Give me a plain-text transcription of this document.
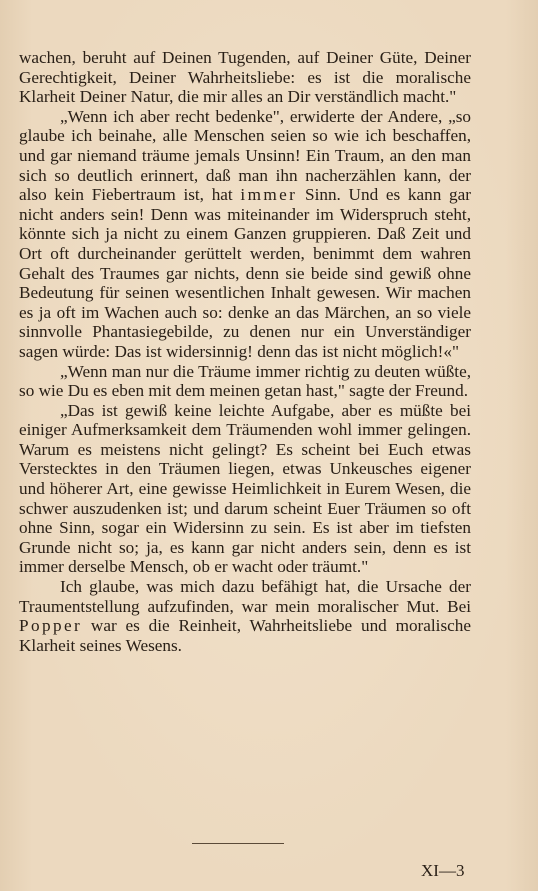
wachen, beruht auf Deinen Tugenden, auf Deiner Güte, Deiner Gerechtigkeit, Deiner Wahrheitsliebe: es ist die moralische Klarheit Deiner Natur, die mir alles an Dir verständlich macht."

„Wenn ich aber recht bedenke", erwiderte der Andere, „so glaube ich beinahe, alle Menschen seien so wie ich beschaffen, und gar niemand träume jemals Unsinn! Ein Traum, an den man sich so deutlich erinnert, daß man ihn nacherzählen kann, der also kein Fiebertraum ist, hat immer Sinn. Und es kann gar nicht anders sein! Denn was miteinander im Widerspruch steht, könnte sich ja nicht zu einem Ganzen gruppieren. Daß Zeit und Ort oft durcheinander gerüttelt werden, benimmt dem wahren Gehalt des Traumes gar nichts, denn sie beide sind gewiß ohne Bedeutung für seinen wesentlichen Inhalt gewesen. Wir machen es ja oft im Wachen auch so: denke an das Märchen, an so viele sinnvolle Phantasiegebilde, zu denen nur ein Unverständiger sagen würde: Das ist widersinnig! denn das ist nicht möglich!«"

„Wenn man nur die Träume immer richtig zu deuten wüßte, so wie Du es eben mit dem meinen getan hast," sagte der Freund.

„Das ist gewiß keine leichte Aufgabe, aber es müßte bei einiger Aufmerksamkeit dem Träumenden wohl immer gelingen. Warum es meistens nicht gelingt? Es scheint bei Euch etwas Verstecktes in den Träumen liegen, etwas Unkeusches eigener und höherer Art, eine gewisse Heimlichkeit in Eurem Wesen, die schwer auszudenken ist; und darum scheint Euer Träumen so oft ohne Sinn, sogar ein Widersinn zu sein. Es ist aber im tiefsten Grunde nicht so; ja, es kann gar nicht anders sein, denn es ist immer derselbe Mensch, ob er wacht oder träumt."

Ich glaube, was mich dazu befähigt hat, die Ursache der Traumentstellung aufzufinden, war mein moralischer Mut. Bei Popper war es die Reinheit, Wahrheitsliebe und moralische Klarheit seines Wesens.

XI—3
